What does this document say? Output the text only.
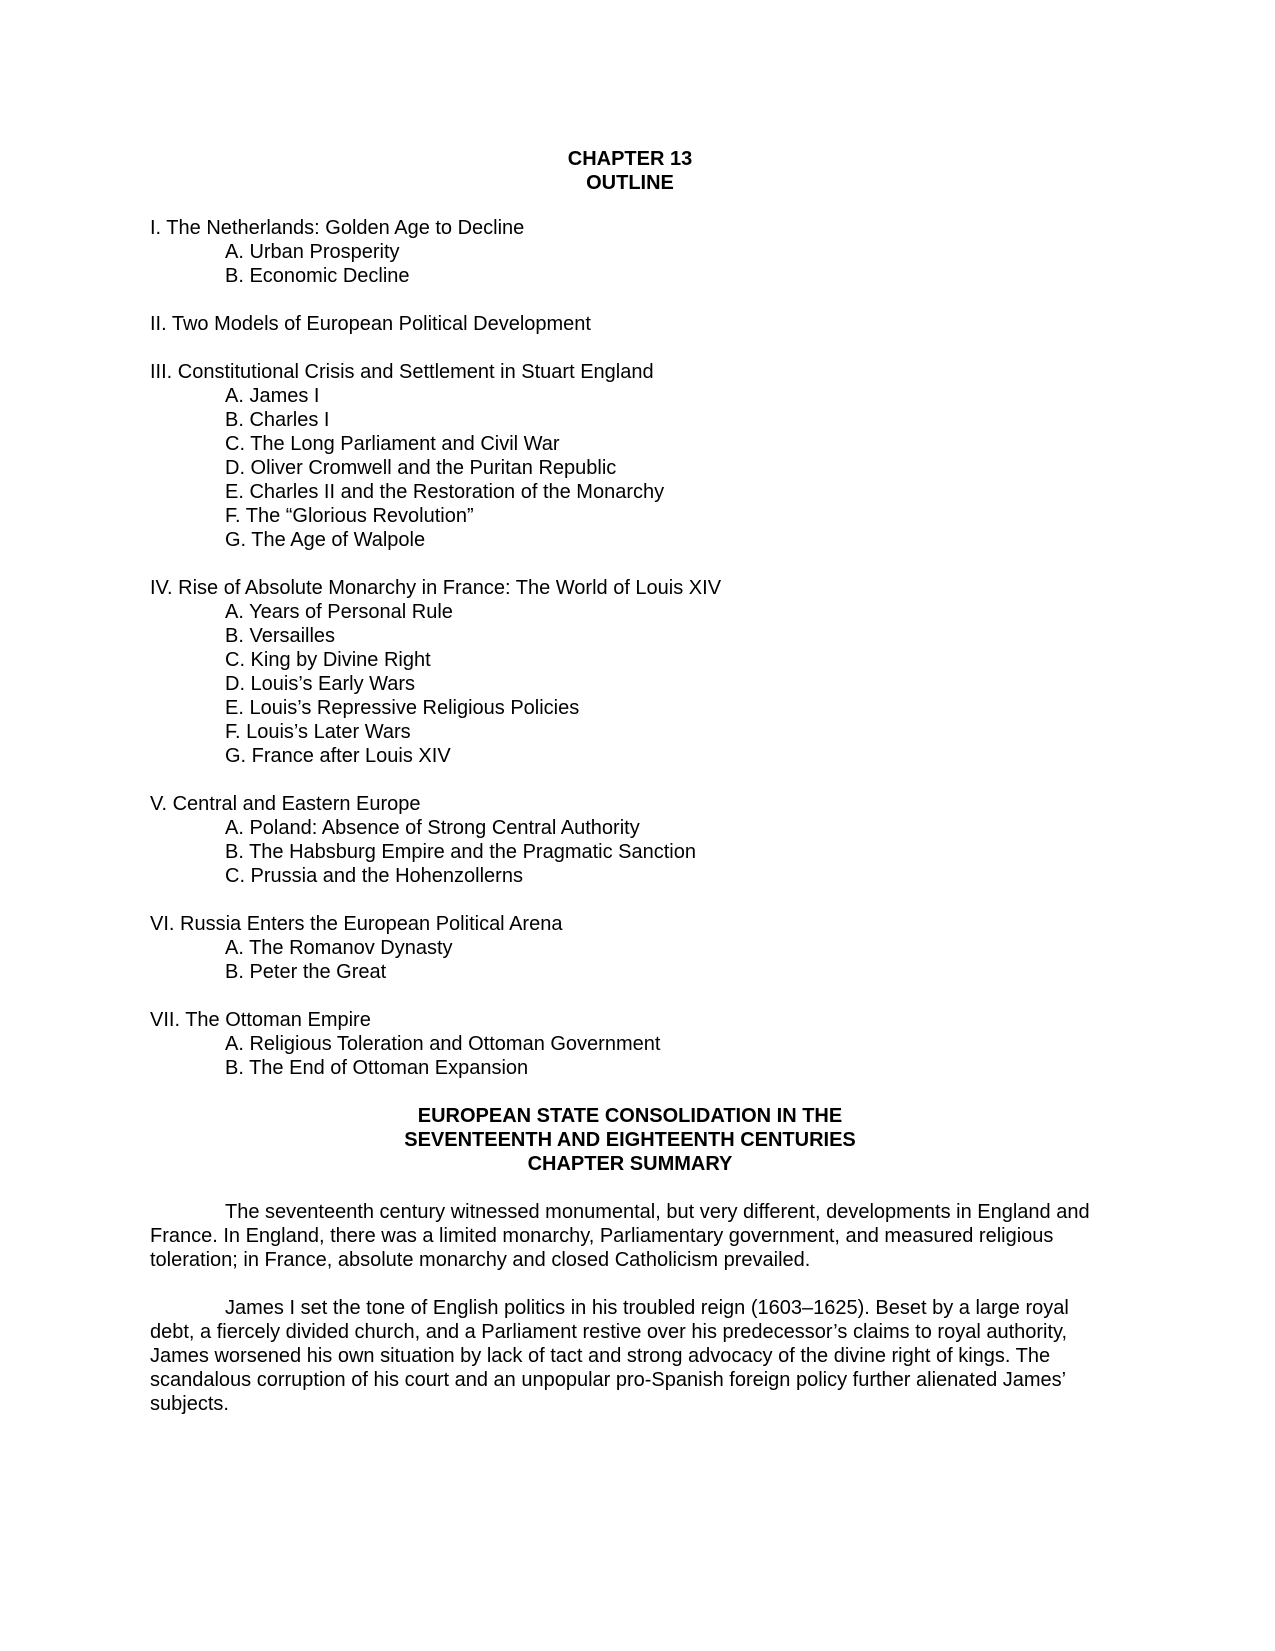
CHAPTER 13
OUTLINE
I. The Netherlands: Golden Age to Decline
A. Urban Prosperity
B. Economic Decline
II. Two Models of European Political Development
III. Constitutional Crisis and Settlement in Stuart England
A. James I
B. Charles I
C. The Long Parliament and Civil War
D. Oliver Cromwell and the Puritan Republic
E. Charles II and the Restoration of the Monarchy
F. The “Glorious Revolution”
G. The Age of Walpole
IV. Rise of Absolute Monarchy in France: The World of Louis XIV
A. Years of Personal Rule
B. Versailles
C. King by Divine Right
D. Louis’s Early Wars
E. Louis’s Repressive Religious Policies
F. Louis’s Later Wars
G. France after Louis XIV
V. Central and Eastern Europe
A. Poland: Absence of Strong Central Authority
B. The Habsburg Empire and the Pragmatic Sanction
C. Prussia and the Hohenzollerns
VI. Russia Enters the European Political Arena
A. The Romanov Dynasty
B. Peter the Great
VII. The Ottoman Empire
A. Religious Toleration and Ottoman Government
B. The End of Ottoman Expansion
EUROPEAN STATE CONSOLIDATION IN THE
SEVENTEENTH AND EIGHTEENTH CENTURIES
CHAPTER SUMMARY

The seventeenth century witnessed monumental, but very different, developments in England and France. In England, there was a limited monarchy, Parliamentary government, and measured religious toleration; in France, absolute monarchy and closed Catholicism prevailed.

James I set the tone of English politics in his troubled reign (1603–1625). Beset by a large royal debt, a fiercely divided church, and a Parliament restive over his predecessor’s claims to royal authority, James worsened his own situation by lack of tact and strong advocacy of the divine right of kings. The scandalous corruption of his court and an unpopular pro-Spanish foreign policy further alienated James’ subjects.
